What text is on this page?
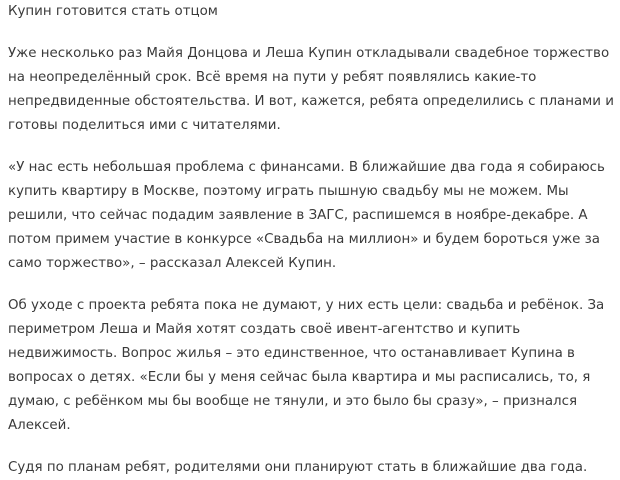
Купин готовится стать отцом

Уже несколько раз Майя Донцова и Леша Купин откладывали свадебное торжество
на неопределённый срок. Всё время на пути у ребят появлялись какие-то
непредвиденные обстоятельства. И вот, кажется, ребята определились с планами и
готовы поделиться ими с читателями.

«У нас есть небольшая проблема с финансами. В ближайшие два года я собираюсь
купить квартиру в Москве, поэтому играть пышную свадьбу мы не можем. Мы
решили, что сейчас подадим заявление в ЗАГС, распишемся в ноябре-декабре. А
потом примем участие в конкурсе «Свадьба на миллион» и будем бороться уже за
само торжество», – рассказал Алексей Купин.

Об уходе с проекта ребята пока не думают, у них есть цели: свадьба и ребёнок. За
периметром Леша и Майя хотят создать своё ивент-агентство и купить
недвижимость. Вопрос жилья – это единственное, что останавливает Купина в
вопросах о детях. «Если бы у меня сейчас была квартира и мы расписались, то, я
думаю, с ребёнком мы бы вообще не тянули, и это было бы сразу», – признался
Алексей.

Судя по планам ребят, родителями они планируют стать в ближайшие два года.
